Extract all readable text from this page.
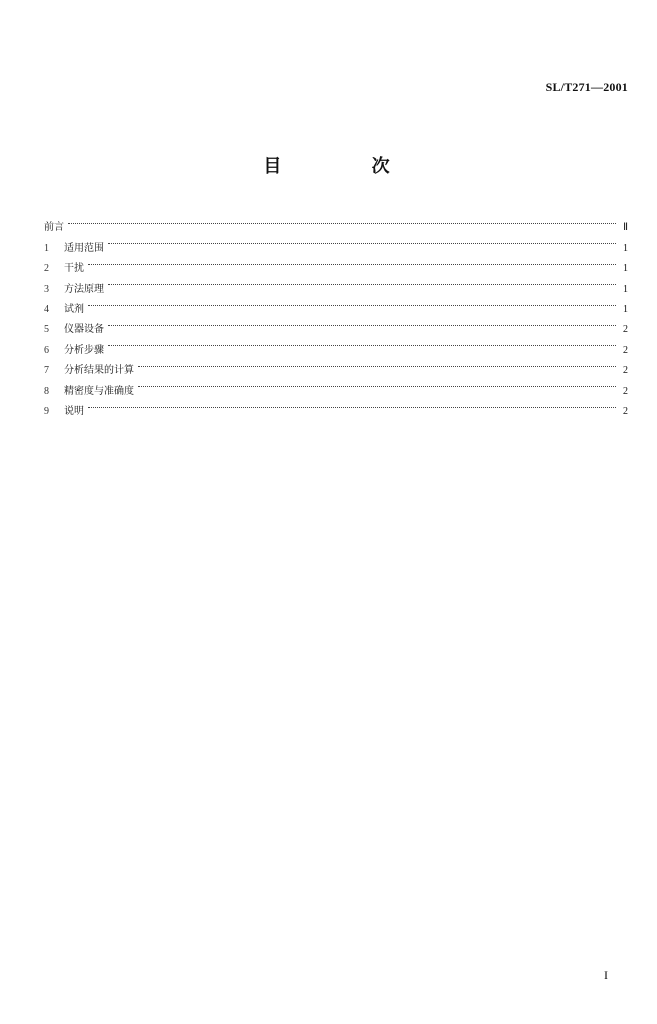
SL/T271—2001
目 次
前言	Ⅱ
1	适用范围	1
2	干扰	1
3	方法原理	1
4	试剂	1
5	仪器设备	2
6	分析步骤	2
7	分析结果的计算	2
8	精密度与准确度	2
9	说明	2
I
